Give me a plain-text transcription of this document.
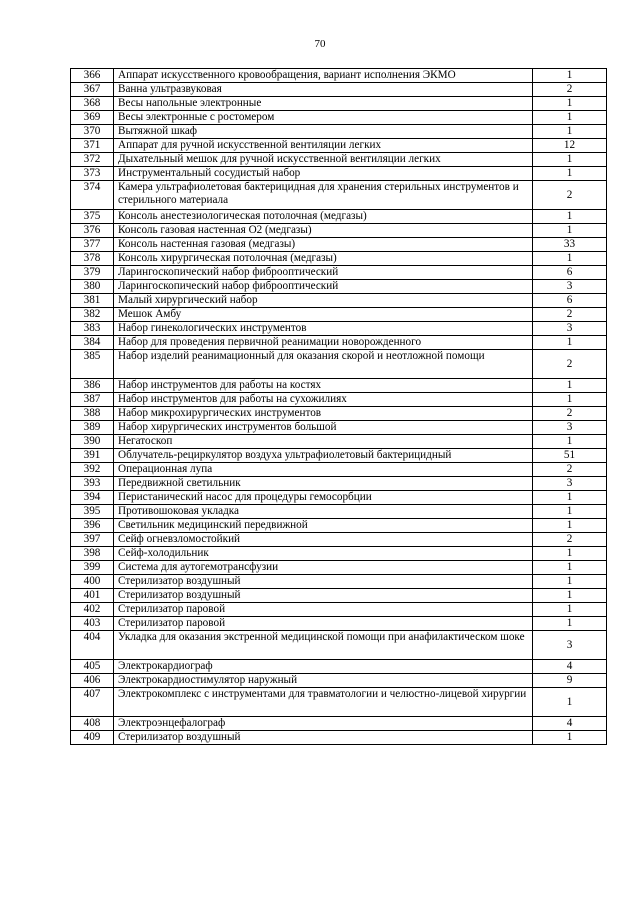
70
366	Аппарат искусственного кровообращения, вариант исполнения ЭКМО	1
367	Ванна ультразвуковая	2
368	Весы напольные электронные	1
369	Весы электронные с ростомером	1
370	Вытяжной шкаф	1
371	Аппарат для ручной искусственной вентиляции легких	12
372	Дыхательный мешок для ручной искусственной вентиляции легких	1
373	Инструментальный сосудистый набор	1
374	Камера ультрафиолетовая бактерицидная для хранения стерильных инструментов и стерильного материала	2
375	Консоль анестезиологическая потолочная (медгазы)	1
376	Консоль газовая настенная О2 (медгазы)	1
377	Консоль настенная газовая (медгазы)	33
378	Консоль хирургическая потолочная (медгазы)	1
379	Ларингоскопический набор фиброоптический	6
380	Ларингоскопический набор фиброоптический	3
381	Малый хирургический набор	6
382	Мешок Амбу	2
383	Набор гинекологических инструментов	3
384	Набор для проведения первичной реанимации новорожденного	1
385	Набор изделий реанимационный для оказания скорой и неотложной помощи	2
386	Набор инструментов для работы на костях	1
387	Набор инструментов для работы на сухожилиях	1
388	Набор микрохирургических инструментов	2
389	Набор хирургических инструментов большой	3
390	Негатоскоп	1
391	Облучатель-рециркулятор воздуха ультрафиолетовый бактерицидный	51
392	Операционная лупа	2
393	Передвижной светильник	3
394	Перистанический насос для процедуры гемосорбции	1
395	Противошоковая укладка	1
396	Светильник медицинский передвижной	1
397	Сейф огневзломостойкий	2
398	Сейф-холодильник	1
399	Система для аутогемотрансфузии	1
400	Стерилизатор воздушный	1
401	Стерилизатор воздушный	1
402	Стерилизатор паровой	1
403	Стерилизатор паровой	1
404	Укладка для оказания экстренной медицинской помощи при анафилактическом шоке	3
405	Электрокардиограф	4
406	Электрокардиостимулятор наружный	9
407	Электрокомплекс с инструментами для травматологии и челюстно-лицевой хирургии	1
408	Электроэнцефалограф	4
409	Стерилизатор воздушный	1
